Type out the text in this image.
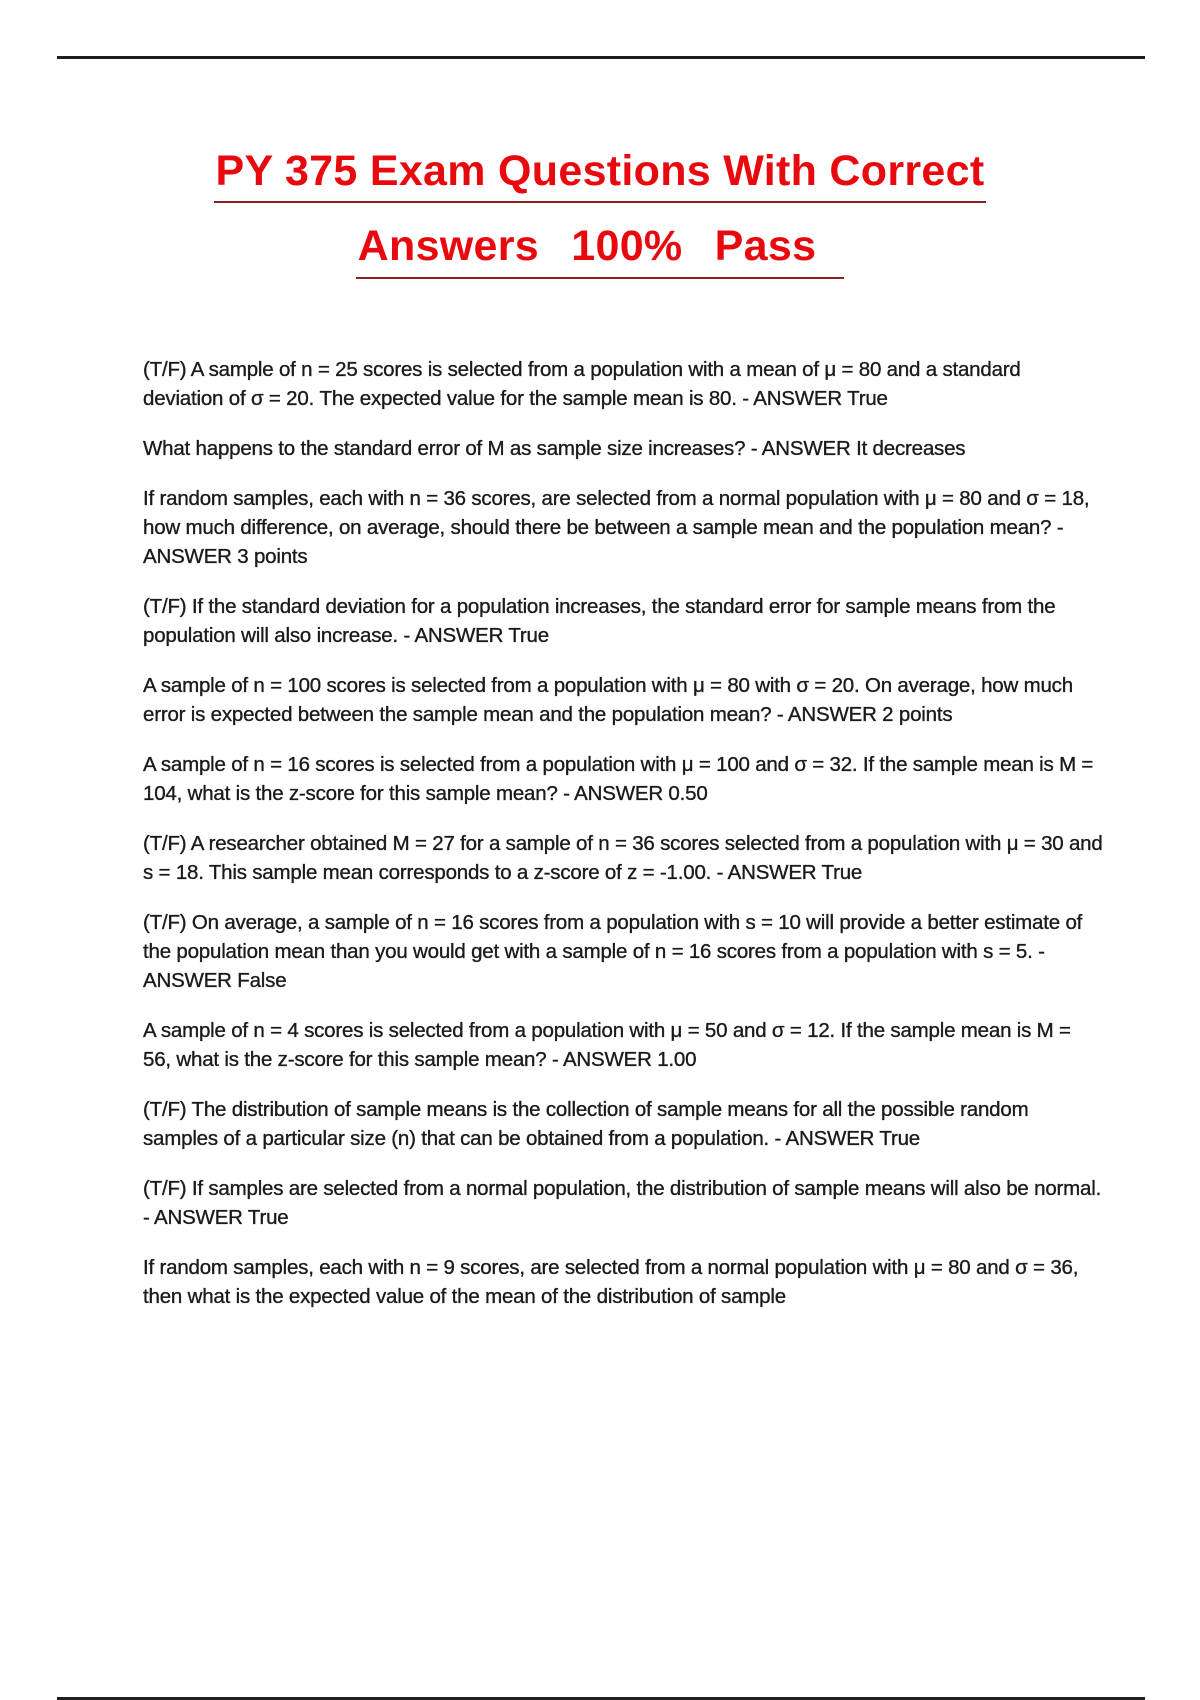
PY 375 Exam Questions With Correct
Answers 100% Pass

(T/F) A sample of n = 25 scores is selected from a population with a mean of μ = 80 and a standard deviation of σ = 20. The expected value for the sample mean is 80. - ANSWER True

What happens to the standard error of M as sample size increases? - ANSWER It decreases

If random samples, each with n = 36 scores, are selected from a normal population with μ = 80 and σ = 18, how much difference, on average, should there be between a sample mean and the population mean? - ANSWER 3 points

(T/F) If the standard deviation for a population increases, the standard error for sample means from the population will also increase. - ANSWER True

A sample of n = 100 scores is selected from a population with μ = 80 with σ = 20. On average, how much error is expected between the sample mean and the population mean? - ANSWER 2 points

A sample of n = 16 scores is selected from a population with μ = 100 and σ = 32. If the sample mean is M = 104, what is the z-score for this sample mean? - ANSWER 0.50

(T/F) A researcher obtained M = 27 for a sample of n = 36 scores selected from a population with μ = 30 and s = 18. This sample mean corresponds to a z-score of z = -1.00. - ANSWER True

(T/F) On average, a sample of n = 16 scores from a population with s = 10 will provide a better estimate of the population mean than you would get with a sample of n = 16 scores from a population with s = 5. - ANSWER False

A sample of n = 4 scores is selected from a population with μ = 50 and σ = 12. If the sample mean is M = 56, what is the z-score for this sample mean? - ANSWER 1.00

(T/F) The distribution of sample means is the collection of sample means for all the possible random samples of a particular size (n) that can be obtained from a population. - ANSWER True

(T/F) If samples are selected from a normal population, the distribution of sample means will also be normal. - ANSWER True

If random samples, each with n = 9 scores, are selected from a normal population with μ = 80 and σ = 36, then what is the expected value of the mean of the distribution of sample
